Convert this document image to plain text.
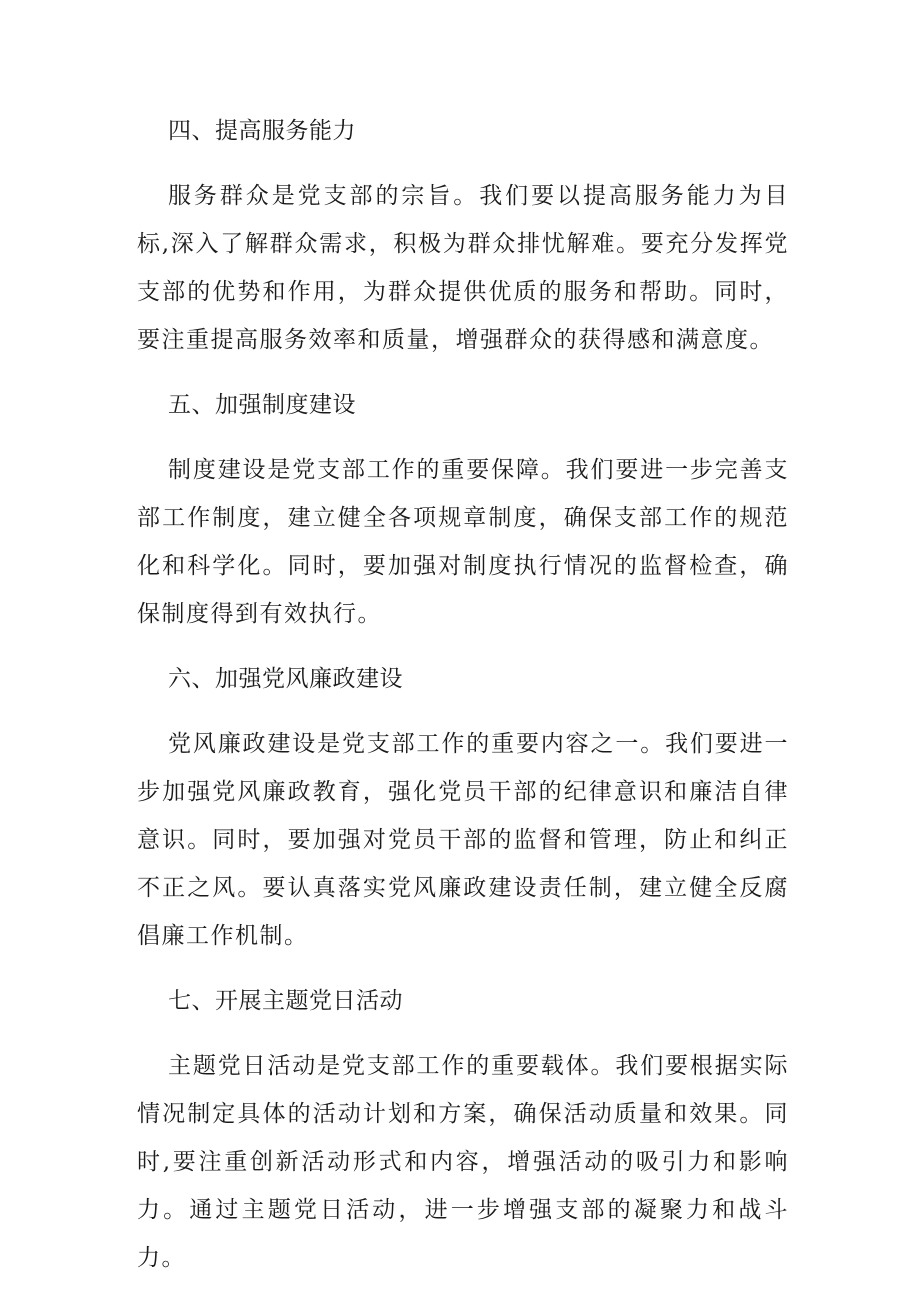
四、提高服务能力
服务群众是党支部的宗旨。我们要以提高服务能力为目标,深入了解群众需求，积极为群众排忧解难。要充分发挥党支部的优势和作用，为群众提供优质的服务和帮助。同时，要注重提高服务效率和质量，增强群众的获得感和满意度。
五、加强制度建设
制度建设是党支部工作的重要保障。我们要进一步完善支部工作制度，建立健全各项规章制度，确保支部工作的规范化和科学化。同时，要加强对制度执行情况的监督检查，确保制度得到有效执行。
六、加强党风廉政建设
党风廉政建设是党支部工作的重要内容之一。我们要进一步加强党风廉政教育，强化党员干部的纪律意识和廉洁自律意识。同时，要加强对党员干部的监督和管理，防止和纠正不正之风。要认真落实党风廉政建设责任制，建立健全反腐倡廉工作机制。
七、开展主题党日活动
主题党日活动是党支部工作的重要载体。我们要根据实际情况制定具体的活动计划和方案，确保活动质量和效果。同时,要注重创新活动形式和内容，增强活动的吸引力和影响力。通过主题党日活动，进一步增强支部的凝聚力和战斗力。
